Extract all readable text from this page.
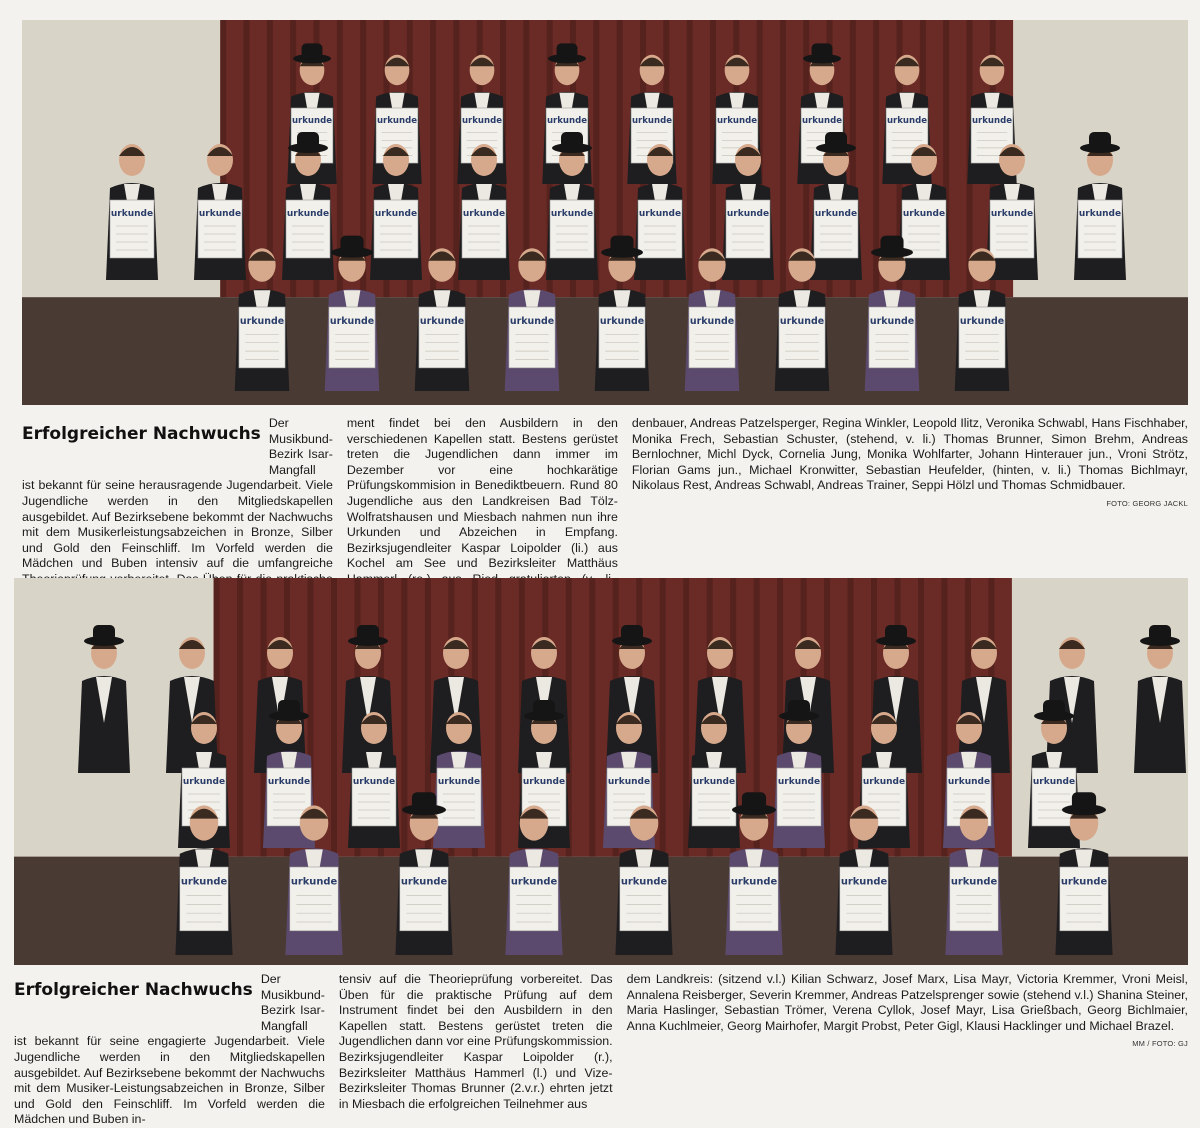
urkunde	urkunde	urkunde	urkunde	urkunde	urkunde	urkunde	urkunde	urkunde
urkunde	urkunde	urkunde	urkunde	urkunde	urkunde	urkunde	urkunde	urkunde	urkunde	urkunde	urkunde
urkunde	urkunde	urkunde	urkunde	urkunde	urkunde	urkunde	urkunde	urkunde
Erfolgreicher Nachwuchs

Der Musikbund-Bezirk Isar-Mangfall

ist bekannt für seine herausragende Jugendarbeit. Viele Jugendliche werden in den Mitgliedskapellen ausgebildet. Auf Bezirksebene bekommt der Nachwuchs mit dem Musikerleistungsabzeichen in Bronze, Silber und Gold den Feinschliff. Im Vorfeld werden die Mädchen und Buben intensiv auf die umfangreiche

ment findet bei den Ausbildern in den verschiedenen Kapellen statt. Bestens gerüstet treten die Jugendlichen dann immer im Dezember vor eine hochkarätige Prüfungskommision in Benediktbeuern. Rund 80 Jugendliche aus den Landkreisen Bad Tölz-Wolfratshausen und Miesbach nahmen nun ihre Urkunden und Abzeichen in Empfang. Bezirksjugendleiter Kaspar Loipolder (li.) aus Kochel am See und Bezirksleiter Matthäus

denbauer, Andreas Patzelsperger, Regina Winkler, Leopold Ilitz, Veronika Schwabl, Hans Fischhaber, Monika Frech, Sebastian Schuster, (stehend, v. li.) Thomas Brunner, Simon Brehm, Andreas Bernlochner, Michl Dyck, Cornelia Jung, Monika Wohlfarter, Johann Hinterauer jun., Vroni Strötz, Florian Gams jun., Michael Kronwitter, Sebastian Heufelder, (hinten, v. li.) Thomas Bichlmayr, Nikolaus Rest, Andreas Schwabl, Andreas Trainer, Seppi Hölzl und Thomas Schmidbauer.

FOTO: GEORG JACKL
urkunde	urkunde	urkunde	urkunde	urkunde	urkunde	urkunde	urkunde	urkunde	urkunde	urkunde
urkunde	urkunde	urkunde	urkunde	urkunde	urkunde	urkunde	urkunde	urkunde
Erfolgreicher Nachwuchs

Der Musikbund-Bezirk Isar-Mangfall

ist bekannt für seine engagierte Jugendarbeit. Viele Jugendliche werden in den Mitgliedskapellen ausgebildet. Auf Bezirksebene bekommt der Nachwuchs mit dem Musiker-Leistungsabzeichen in Bronze, Silber und Gold den Feinschliff. Im Vorfeld werden die Mädchen und Buben in-

tensiv auf die Theorieprüfung vorbereitet. Das Üben für die praktische Prüfung auf dem Instrument findet bei den Ausbildern in den Kapellen statt. Bestens gerüstet treten die Jugendlichen dann vor eine Prüfungskommission. Bezirksjugendleiter Kaspar Loipolder (r.), Bezirksleiter Matthäus Hammerl (l.) und Vize-Bezirksleiter Thomas Brunner (2.v.r.) ehrten jetzt in Miesbach die erfolgreichen Teilnehmer aus

dem Landkreis: (sitzend v.l.) Kilian Schwarz, Josef Marx, Lisa Mayr, Victoria Kremmer, Vroni Meisl, Annalena Reisberger, Severin Kremmer, Andreas Patzelsprenger sowie (stehend v.l.) Shanina Steiner, Maria Haslinger, Sebastian Trömer, Verena Cyllok, Josef Mayr, Lisa Grießbach, Georg Bichlmaier, Anna Kuchlmeier, Georg Mairhofer, Margit Probst, Peter Gigl, Klausi Hacklinger und Michael Brazel.

MM / FOTO: GJ
